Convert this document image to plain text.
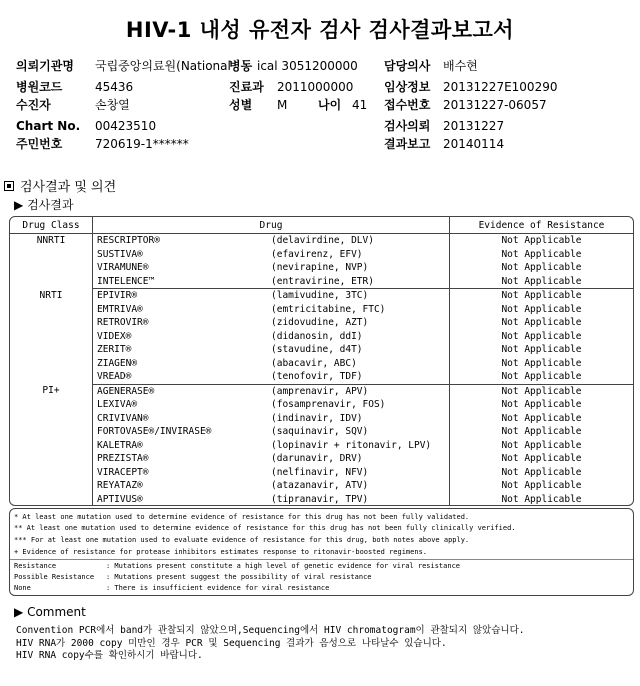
HIV-1 내성 유전자 검사 검사결과보고서
의뢰기관명 국립중앙의료원(National
병원코드	45436
수진자	손창열
Chart No. 00423510
주민번호	720619-1******
병동 ical 3051200000
진료과 2011000000
성별 M	나이 41
담당의사 배수현
임상정보 20131227E100290
접수번호 20131227-06057
검사의뢰 20131227
결과보고 20140114
검사결과 및 의견
▶ 검사결과
Drug Class	Drug	Evidence of Resistance
NNRTI	RESCRIPTOR® (delavirdine, DLV)	Not Applicable

	SUSTIVA® (efavirenz, EFV)	Not Applicable

	VIRAMUNE® (nevirapine, NVP)	Not Applicable

	INTELENCE™ (entravirine, ETR)	Not Applicable
NRTI	EPIVIR® (lamivudine, 3TC)	Not Applicable

	EMTRIVA® (emtricitabine, FTC)	Not Applicable

	RETROVIR® (zidovudine, AZT)	Not Applicable

	VIDEX® (didanosin, ddI)	Not Applicable

	ZERIT® (stavudine, d4T)	Not Applicable

	ZIAGEN® (abacavir, ABC)	Not Applicable

	VREAD® (tenofovir, TDF)	Not Applicable
PI+	AGENERASE® (amprenavir, APV)	Not Applicable

	LEXIVA® (fosamprenavir, FOS)	Not Applicable

	CRIVIVAN® (indinavir, IDV)	Not Applicable

	FORTOVASE®/INVIRASE® (saquinavir, SQV)	Not Applicable

	KALETRA® (lopinavir + ritonavir, LPV)	Not Applicable

	PREZISTA® (darunavir, DRV)	Not Applicable

	VIRACEPT® (nelfinavir, NFV)	Not Applicable

	REYATAZ® (atazanavir, ATV)	Not Applicable

	APTIVUS® (tipranavir, TPV)	Not Applicable
* At least one mutation used to determine evidence of resistance for this drug has not been fully validated.
** At least one mutation used to determine evidence of resistance for this drug has not been fully clinically verified.
*** For at least one mutation used to evaluate evidence of resistance for this drug, both notes above apply.
+ Evidence of resistance for protease inhibitors estimates response to ritonavir-boosted regimens.
Resistance	: Mutations present constitute a high level of genetic evidence for viral resistance
Possible Resistance : Mutations present suggest the possibility of viral resistance
None	: There is insufficient evidence for viral resistance
▶ Comment
Convention PCR에서 band가 관찰되지 않았으며,Sequencing에서 HIV chromatogram이 관찰되지 않았습니다.
HIV RNA가 2000 copy 미만인 경우 PCR 및 Sequencing 결과가 음성으로 나타날수 있습니다.
HIV RNA copy수를 확인하시기 바랍니다.
